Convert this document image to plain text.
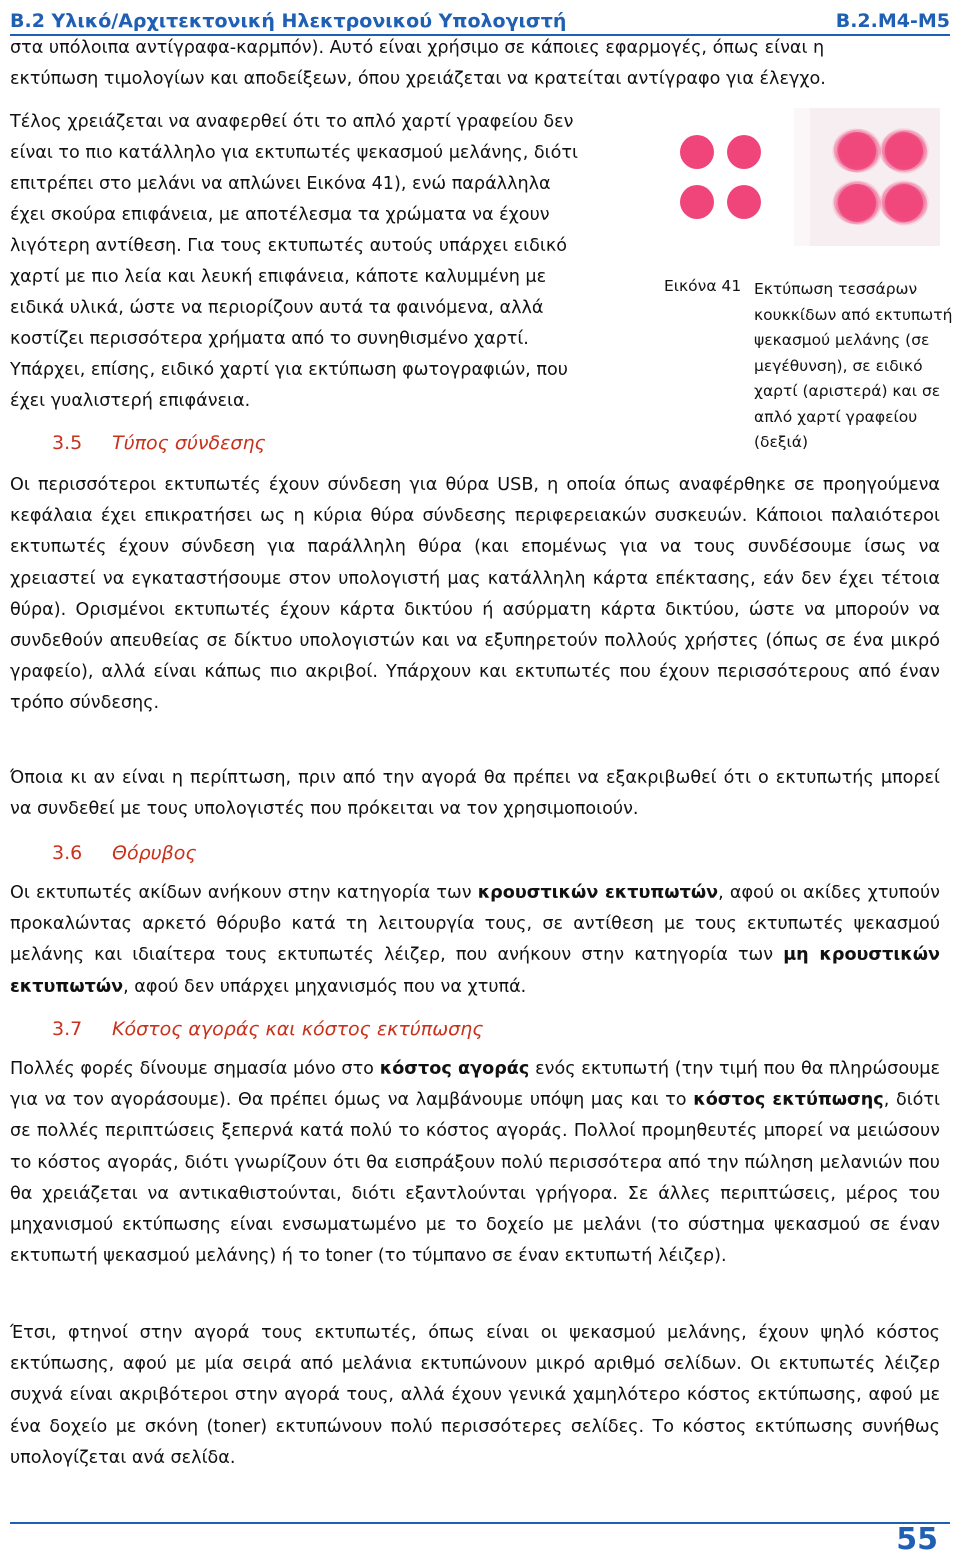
Β.2 Υλικό/Αρχιτεκτονική Ηλεκτρονικού Υπολογιστή	Β.2.Μ4-Μ5

στα υπόλοιπα αντίγραφα-καρμπόν). Αυτό είναι χρήσιμο σε κάποιες εφαρμογές, όπως είναι η

εκτύπωση τιμολογίων και αποδείξεων, όπου χρειάζεται να κρατείται αντίγραφο για έλεγχο.

Τέλος χρειάζεται να αναφερθεί ότι το απλό χαρτί γραφείου δεν

είναι το πιο κατάλληλο για εκτυπωτές ψεκασμού μελάνης, διότι

επιτρέπει στο μελάνι να απλώνει Εικόνα 41), ενώ παράλληλα

έχει σκούρα επιφάνεια, με αποτέλεσμα τα χρώματα να έχουν

λιγότερη αντίθεση. Για τους εκτυπωτές αυτούς υπάρχει ειδικό

χαρτί με πιο λεία και λευκή επιφάνεια, κάποτε καλυμμένη με

ειδικά υλικά, ώστε να περιορίζουν αυτά τα φαινόμενα, αλλά

κοστίζει περισσότερα χρήματα από το συνηθισμένο χαρτί.

Υπάρχει, επίσης, ειδικό χαρτί για εκτύπωση φωτογραφιών, που

έχει γυαλιστερή επιφάνεια.

Εικόνα 41 Εκτύπωση τεσσάρων κουκκίδων από εκτυπωτή ψεκασμού μελάνης (σε μεγέθυνση), σε ειδικό χαρτί (αριστερά) και σε απλό χαρτί γραφείου (δεξιά)
3.5 Τύπος σύνδεσης

Οι περισσότεροι εκτυπωτές έχουν σύνδεση για θύρα USB, η οποία όπως αναφέρθηκε σε προηγούμενα κεφάλαια έχει επικρατήσει ως η κύρια θύρα σύνδεσης περιφερειακών συσκευών. Κάποιοι παλαιότεροι εκτυπωτές έχουν σύνδεση για παράλληλη θύρα (και επομένως για να τους συνδέσουμε ίσως να χρειαστεί να εγκαταστήσουμε στον υπολογιστή μας κατάλληλη κάρτα επέκτασης, εάν δεν έχει τέτοια θύρα). Ορισμένοι εκτυπωτές έχουν κάρτα δικτύου ή ασύρματη κάρτα δικτύου, ώστε να μπορούν να συνδεθούν απευθείας σε δίκτυο υπολογιστών και να εξυπηρετούν πολλούς χρήστες (όπως σε ένα μικρό γραφείο), αλλά είναι κάπως πιο ακριβοί. Υπάρχουν και εκτυπωτές που έχουν περισσότερους από έναν τρόπο σύνδεσης.

Όποια κι αν είναι η περίπτωση, πριν από την αγορά θα πρέπει να εξακριβωθεί ότι ο εκτυπωτής μπορεί να συνδεθεί με τους υπολογιστές που πρόκειται να τον χρησιμοποιούν.

3.6 Θόρυβος

Οι εκτυπωτές ακίδων ανήκουν στην κατηγορία των κρουστικών εκτυπωτών, αφού οι ακίδες χτυπούν προκαλώντας αρκετό θόρυβο κατά τη λειτουργία τους, σε αντίθεση με τους εκτυπωτές ψεκασμού μελάνης και ιδιαίτερα τους εκτυπωτές λέιζερ, που ανήκουν στην κατηγορία των μη κρουστικών εκτυπωτών, αφού δεν υπάρχει μηχανισμός που να χτυπά.

3.7 Κόστος αγοράς και κόστος εκτύπωσης

Πολλές φορές δίνουμε σημασία μόνο στο κόστος αγοράς ενός εκτυπωτή (την τιμή που θα πληρώσουμε για να τον αγοράσουμε). Θα πρέπει όμως να λαμβάνουμε υπόψη μας και το κόστος εκτύπωσης, διότι σε πολλές περιπτώσεις ξεπερνά κατά πολύ το κόστος αγοράς. Πολλοί προμηθευτές μπορεί να μειώσουν το κόστος αγοράς, διότι γνωρίζουν ότι θα εισπράξουν πολύ περισσότερα από την πώληση μελανιών που θα χρειάζεται να αντικαθιστούνται, διότι εξαντλούνται γρήγορα. Σε άλλες περιπτώσεις, μέρος του μηχανισμού εκτύπωσης είναι ενσωματωμένο με το δοχείο με μελάνι (το σύστημα ψεκασμού σε έναν εκτυπωτή ψεκασμού μελάνης) ή το toner (το τύμπανο σε έναν εκτυπωτή λέιζερ).

Έτσι, φτηνοί στην αγορά τους εκτυπωτές, όπως είναι οι ψεκασμού μελάνης, έχουν ψηλό κόστος εκτύπωσης, αφού με μία σειρά από μελάνια εκτυπώνουν μικρό αριθμό σελίδων. Οι εκτυπωτές λέιζερ συχνά είναι ακριβότεροι στην αγορά τους, αλλά έχουν γενικά χαμηλότερο κόστος εκτύπωσης, αφού με ένα δοχείο με σκόνη (toner) εκτυπώνουν πολύ περισσότερες σελίδες. Το κόστος εκτύπωσης συνήθως υπολογίζεται ανά σελίδα.

55
